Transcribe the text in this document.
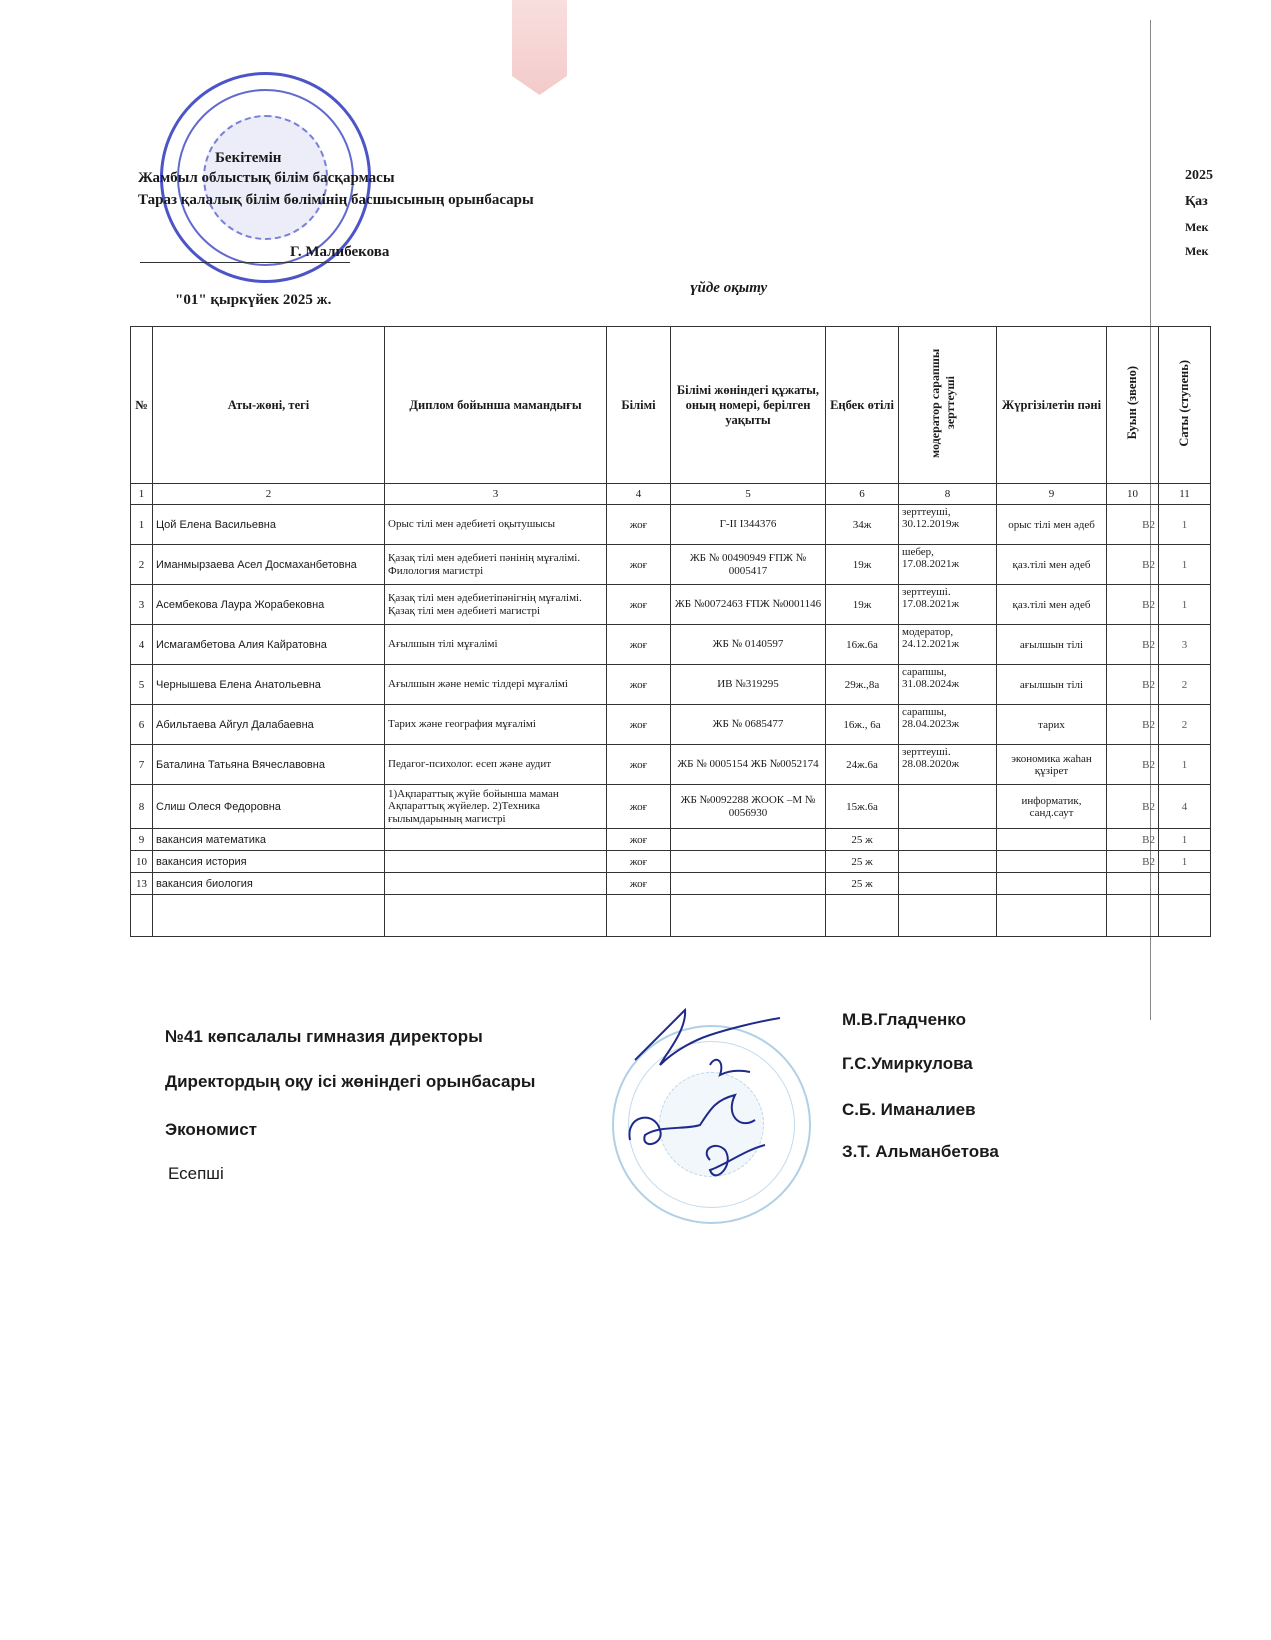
Бекітемін
Жамбыл облыстық білім басқармасы
Тараз қалалық білім бөлімінің басшысының орынбасары
Г. Малибекова
"01" қыркүйек 2025 ж.
үйде оқыту
2025
Қаз
Мек
Мек
№	Аты-жөні, тегі	Диплом бойынша мамандығы	Білімі	Білімі жөніндегі құжаты, оның номері, берілген уақыты	Еңбек өтілі	модератор сарапшы зерттеуші	Жүргізілетін пәні	Буын (звено)	Саты (ступень)
1	2	3	4	5	6	8	9	10	11
1	Цой Елена Васильевна	Орыс тілі мен әдебиеті оқытушысы	жоғ	Г-II I344376	34ж	зерттеуші, 30.12.2019ж	орыс тілі мен әдеб	В2	1
2	Иманмырзаева Асел Досмаханбетовна	Қазақ тілі мен әдебиеті пәнінің мұғалімі. Филология магистрі	жоғ	ЖБ № 00490949 ҒПЖ № 0005417	19ж	шебер, 17.08.2021ж	қаз.тілі мен әдеб	В2	1
3	Асембекова Лаура Жорабековна	Қазақ тілі мен әдебиетіпәнігнің мұғалімі. Қазақ тілі мен әдебиеті магистрі	жоғ	ЖБ №0072463 ҒПЖ №0001146	19ж	зерттеуші. 17.08.2021ж	қаз.тілі мен әдеб	В2	1
4	Исмагамбетова Алия Кайратовна	Ағылшын тілі мұғалімі	жоғ	ЖБ № 0140597	16ж.6а	модератор, 24.12.2021ж	ағылшын тілі	В2	3
5	Чернышева Елена Анатольевна	Ағылшын және неміс тілдері мұғалімі	жоғ	ИВ №319295	29ж.,8а	сарапшы, 31.08.2024ж	ағылшын тілі	В2	2
6	Абильтаева Айгул Далабаевна	Тарих және география мұғалімі	жоғ	ЖБ № 0685477	16ж., 6а	сарапшы, 28.04.2023ж	тарих	В2	2
7	Баталина Татьяна Вячеславовна	Педагог-психолог. есеп және аудит	жоғ	ЖБ № 0005154 ЖБ №0052174	24ж.6а	зерттеуші. 28.08.2020ж	экономика жаһан құзірет	В2	1
8	Слиш Олеся Федоровна	1)Ақпараттық жүйе бойынша маман Ақпараттық жүйелер. 2)Техника ғылымдарының магистрі	жоғ	ЖБ №0092288 ЖООК –М № 0056930	15ж.6а		информатик, санд.саут	В2	4
9	вакансия математика		жоғ		25 ж			В2	1
10	вакансия история		жоғ		25 ж			В2	1
13	вакансия биология		жоғ		25 ж				

№41 көпсалалы гимназия директоры
Директордың оқу ісі жөніндегі орынбасары
Экономист
Есепші
М.В.Гладченко
Г.С.Умиркулова
С.Б. Иманалиев
З.Т. Альманбетова
